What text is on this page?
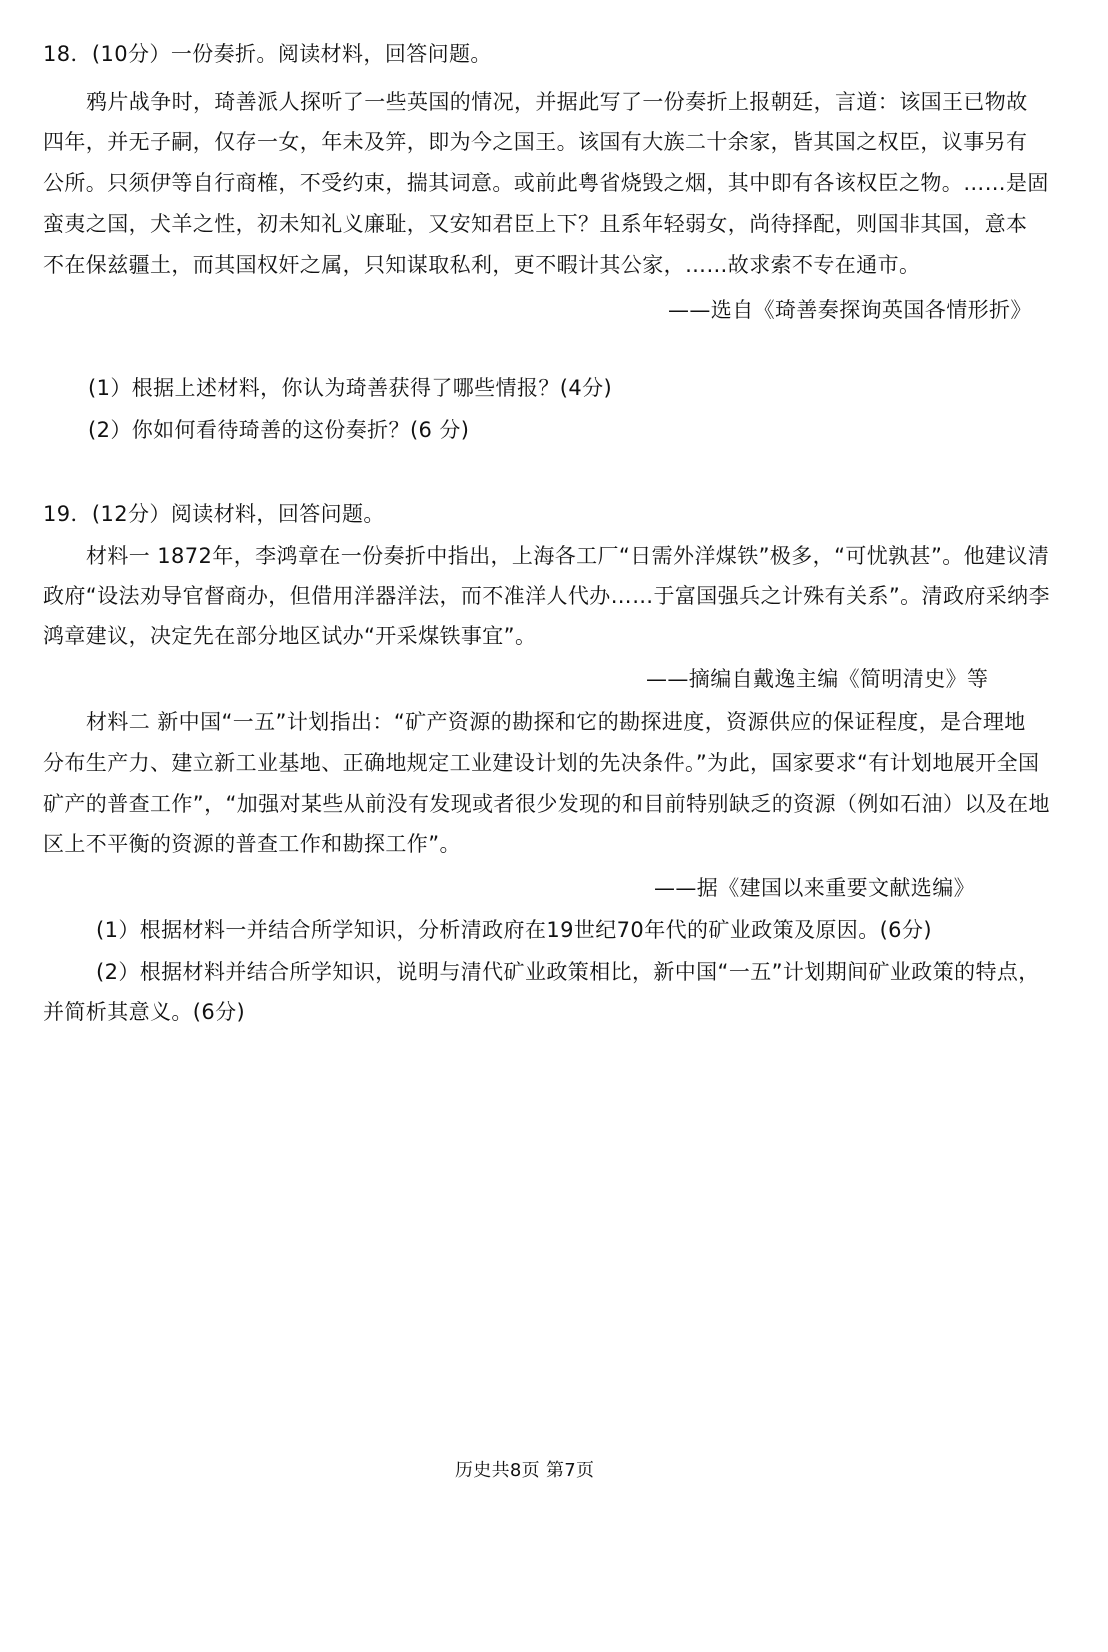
18．(10分）一份奏折。阅读材料，回答问题。
鸦片战争时，琦善派人探听了一些英国的情况，并据此写了一份奏折上报朝廷，言道：该国王已物故
四年，并无子嗣，仅存一女，年未及笄，即为今之国王。该国有大族二十余家，皆其国之权臣，议事另有
公所。只须伊等自行商榷，不受约束，揣其词意。或前此粤省烧毁之烟，其中即有各该权臣之物。……是固
蛮夷之国，犬羊之性，初未知礼义廉耻，又安知君臣上下？且系年轻弱女，尚待择配，则国非其国，意本
不在保兹疆土，而其国权奸之属，只知谋取私利，更不暇计其公家，……故求索不专在通市。
——选自《琦善奏探询英国各情形折》
(1）根据上述材料，你认为琦善获得了哪些情报？(4分)
(2）你如何看待琦善的这份奏折？(6 分)
19．(12分）阅读材料，回答问题。
材料一 1872年，李鸿章在一份奏折中指出，上海各工厂“日需外洋煤铁”极多，“可忧孰甚”。他建议清
政府“设法劝导官督商办，但借用洋器洋法，而不准洋人代办……于富国强兵之计殊有关系”。清政府采纳李
鸿章建议，决定先在部分地区试办“开采煤铁事宜”。
——摘编自戴逸主编《简明清史》等
材料二 新中国“一五”计划指出：“矿产资源的勘探和它的勘探进度，资源供应的保证程度，是合理地
分布生产力、建立新工业基地、正确地规定工业建设计划的先决条件。”为此，国家要求“有计划地展开全国
矿产的普查工作”，“加强对某些从前没有发现或者很少发现的和目前特别缺乏的资源（例如石油）以及在地
区上不平衡的资源的普查工作和勘探工作”。
——据《建国以来重要文献选编》
(1）根据材料一并结合所学知识，分析清政府在19世纪70年代的矿业政策及原因。(6分)
(2）根据材料并结合所学知识，说明与清代矿业政策相比，新中国“一五”计划期间矿业政策的特点，
并简析其意义。(6分)
历史共8页 第7页
